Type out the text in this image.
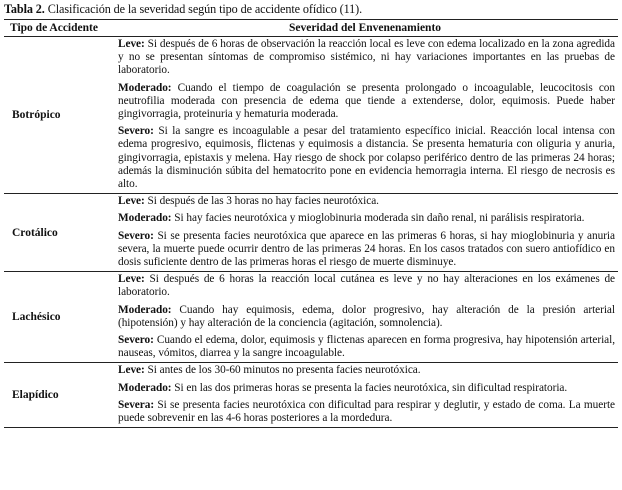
Tabla 2. Clasificación de la severidad según tipo de accidente ofídico (11).
Tipo de Accidente	Severidad del Envenenamiento
Botrópico	Leve: Si después de 6 horas de observación la reacción local es leve con edema localizado en la zona agredida y no se presentan síntomas de compromiso sistémico, ni hay variaciones importantes en las pruebas de laboratorio.
Moderado: Cuando el tiempo de coagulación se presenta prolongado o incoagulable, leucocitosis con neutrofilia moderada con presencia de edema que tiende a extenderse, dolor, equimosis. Puede haber gingivorragia, proteinuria y hematuria moderada.
Severo: Si la sangre es incoagulable a pesar del tratamiento específico inicial. Reacción local intensa con edema progresivo, equimosis, flictenas y equimosis a distancia. Se presenta hematuria con oliguria y anuria, gingivorragia, epistaxis y melena. Hay riesgo de shock por colapso periférico dentro de las primeras 24 horas; además la disminución súbita del hematocrito pone en evidencia hemorragia interna. El riesgo de necrosis es alto.

Crotálico	Leve: Si después de las 3 horas no hay facies neurotóxica.
Moderado: Si hay facies neurotóxica y mioglobinuria moderada sin daño renal, ni parálisis respiratoria.
Severo: Si se presenta facies neurotóxica que aparece en las primeras 6 horas, si hay mioglobinuria y anuria severa, la muerte puede ocurrir dentro de las primeras 24 horas. En los casos tratados con suero antiofídico en dosis suficiente dentro de las primeras horas el riesgo de muerte disminuye.

Lachésico	Leve: Si después de 6 horas la reacción local cutánea es leve y no hay alteraciones en los exámenes de laboratorio.
Moderado: Cuando hay equimosis, edema, dolor progresivo, hay alteración de la presión arterial (hipotensión) y hay alteración de la conciencia (agitación, somnolencia).
Severo: Cuando el edema, dolor, equimosis y flictenas aparecen en forma progresiva, hay hipotensión arterial, nauseas, vómitos, diarrea y la sangre incoagulable.

Elapídico	Leve: Si antes de los 30-60 minutos no presenta facies neurotóxica.
Moderado: Si en las dos primeras horas se presenta la facies neurotóxica, sin dificultad respiratoria.
Severa: Si se presenta facies neurotóxica con dificultad para respirar y deglutir, y estado de coma. La muerte puede sobrevenir en las 4-6 horas posteriores a la mordedura.
